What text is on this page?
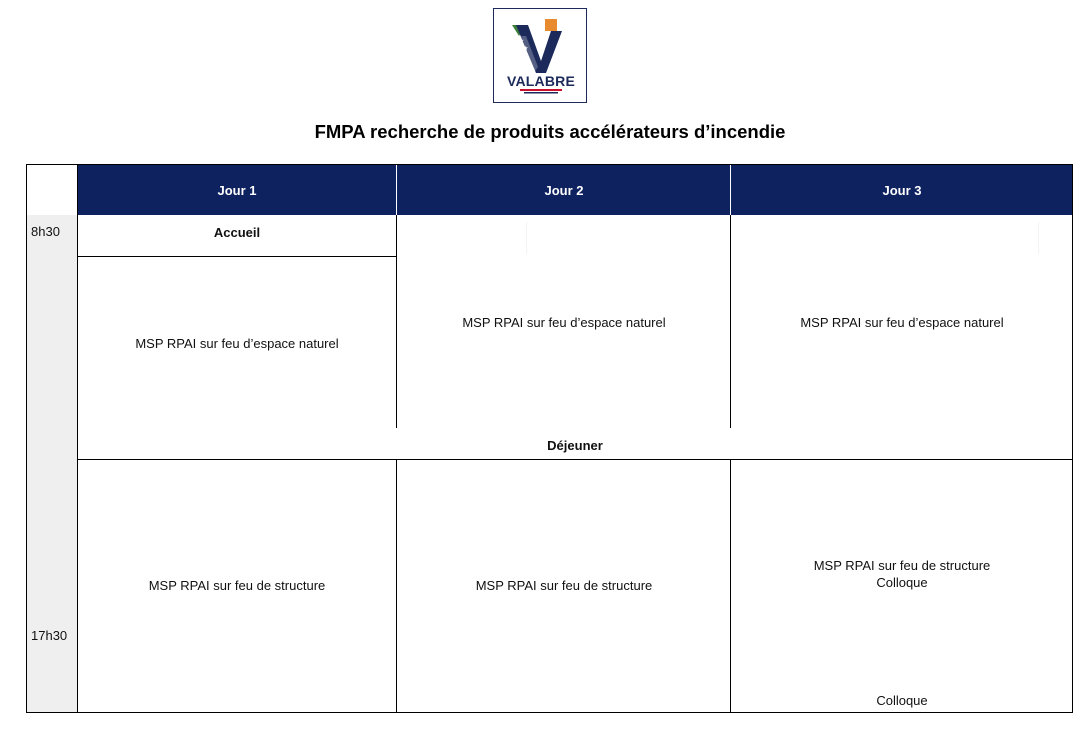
★
★
VALABRE
FMPA recherche de produits accélérateurs d’incendie
Jour 1	Jour 2	Jour 3
8h30
17h30
Accueil
MSP RPAI sur feu d’espace naturel
MSP RPAI sur feu de structure
MSP RPAI sur feu d’espace naturel
MSP RPAI sur feu de structure
MSP RPAI sur feu d’espace naturel
MSP RPAI sur feu de structure
Colloque
Colloque
Déjeuner
